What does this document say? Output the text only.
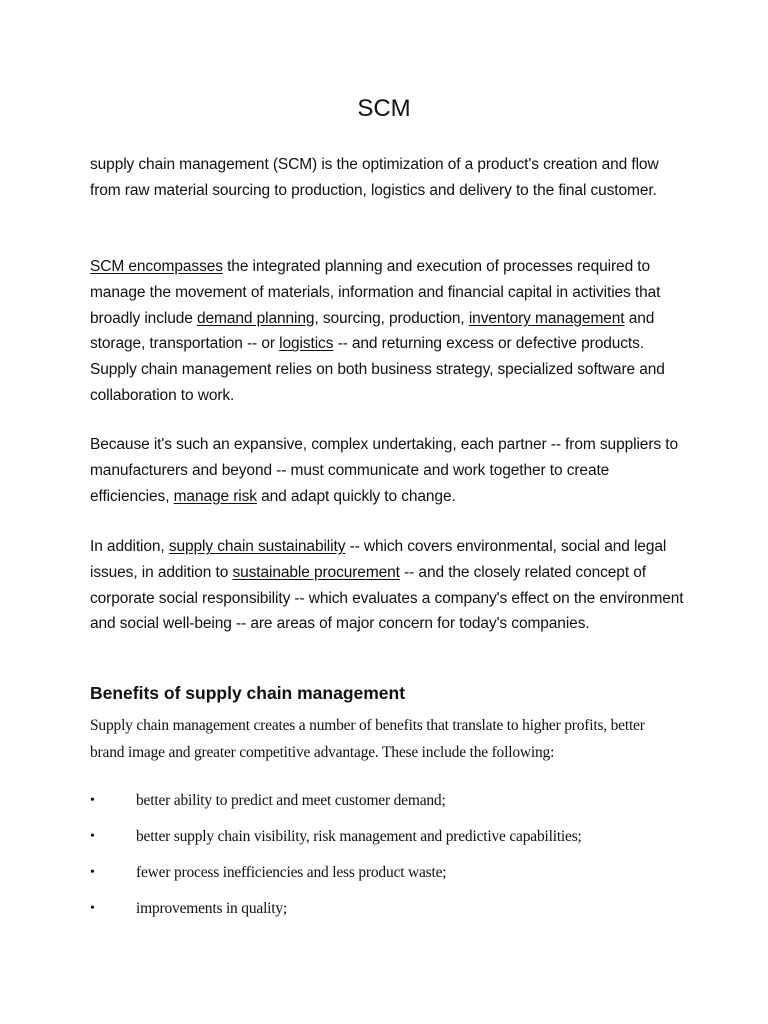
SCM

supply chain management (SCM) is the optimization of a product's creation and flow from raw material sourcing to production, logistics and delivery to the final customer.

SCM encompasses the integrated planning and execution of processes required to manage the movement of materials, information and financial capital in activities that broadly include demand planning, sourcing, production, inventory management and storage, transportation -- or logistics -- and returning excess or defective products. Supply chain management relies on both business strategy, specialized software and collaboration to work.

Because it's such an expansive, complex undertaking, each partner -- from suppliers to manufacturers and beyond -- must communicate and work together to create efficiencies, manage risk and adapt quickly to change.

In addition, supply chain sustainability -- which covers environmental, social and legal issues, in addition to sustainable procurement -- and the closely related concept of corporate social responsibility -- which evaluates a company's effect on the environment and social well-being -- are areas of major concern for today's companies.

Benefits of supply chain management

Supply chain management creates a number of benefits that translate to higher profits, better brand image and greater competitive advantage. These include the following:

•	better ability to predict and meet customer demand;
•	better supply chain visibility, risk management and predictive capabilities;
•	fewer process inefficiencies and less product waste;
•	improvements in quality;
